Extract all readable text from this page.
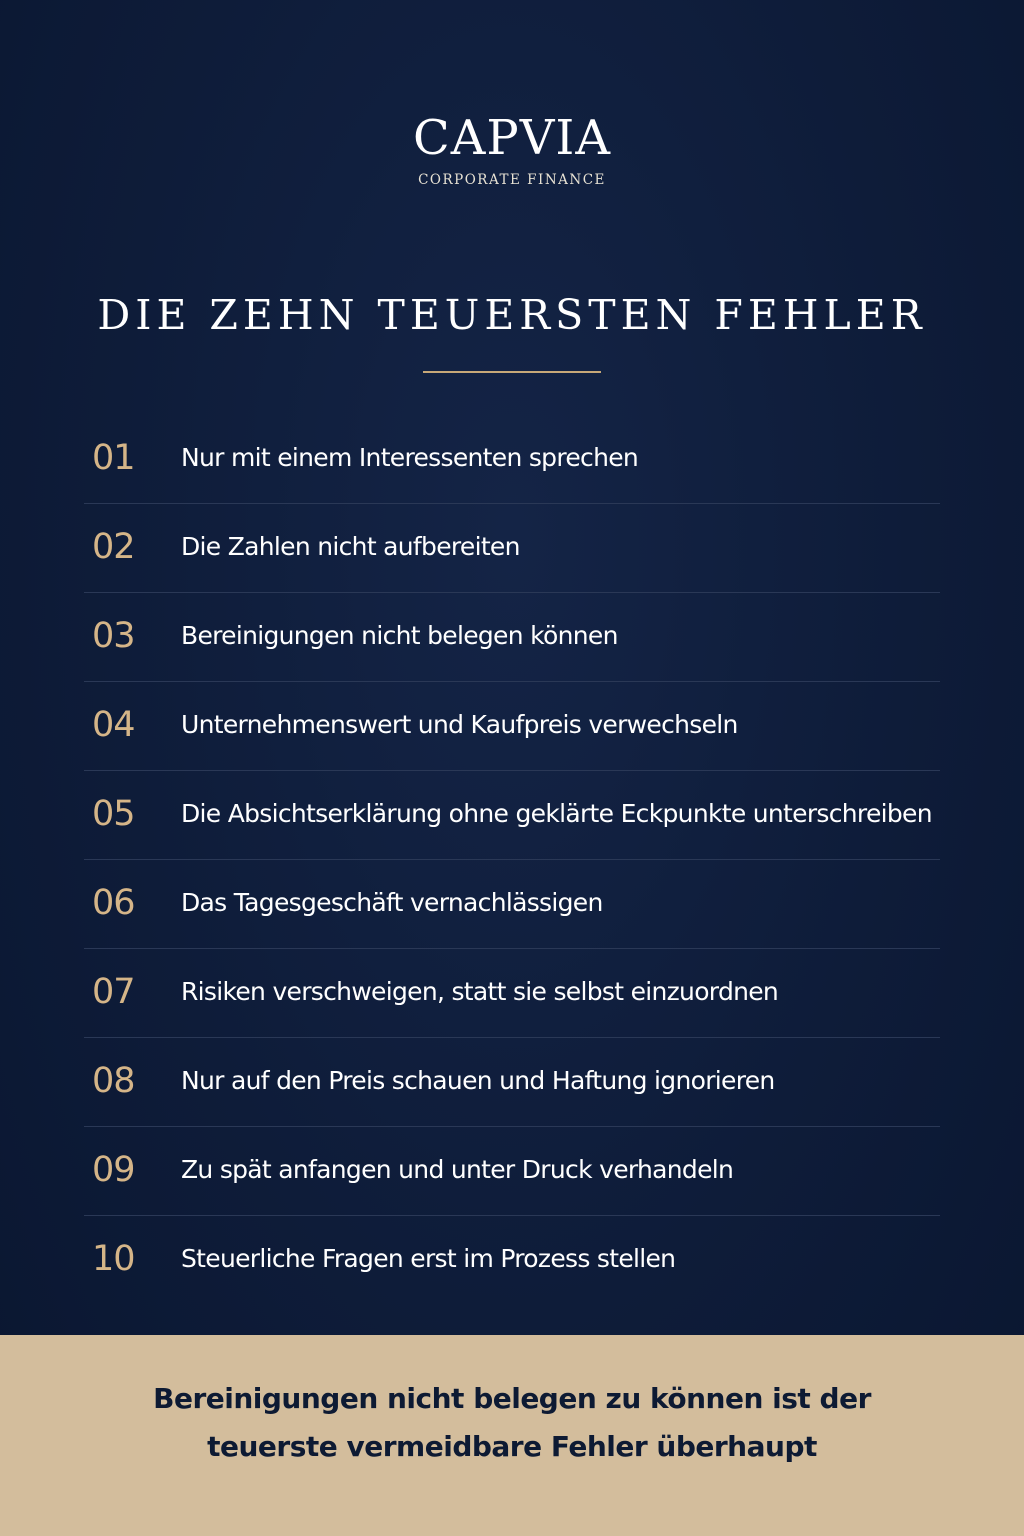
CAPVIA
CORPORATE FINANCE
DIE ZEHN TEUERSTEN FEHLER
01 Nur mit einem Interessenten sprechen
02 Die Zahlen nicht aufbereiten
03 Bereinigungen nicht belegen können
04 Unternehmenswert und Kaufpreis verwechseln
05 Die Absichtserklärung ohne geklärte Eckpunkte unterschreiben
06 Das Tagesgeschäft vernachlässigen
07 Risiken verschweigen, statt sie selbst einzuordnen
08 Nur auf den Preis schauen und Haftung ignorieren
09 Zu spät anfangen und unter Druck verhandeln
10 Steuerliche Fragen erst im Prozess stellen
Bereinigungen nicht belegen zu können ist der
teuerste vermeidbare Fehler überhaupt
